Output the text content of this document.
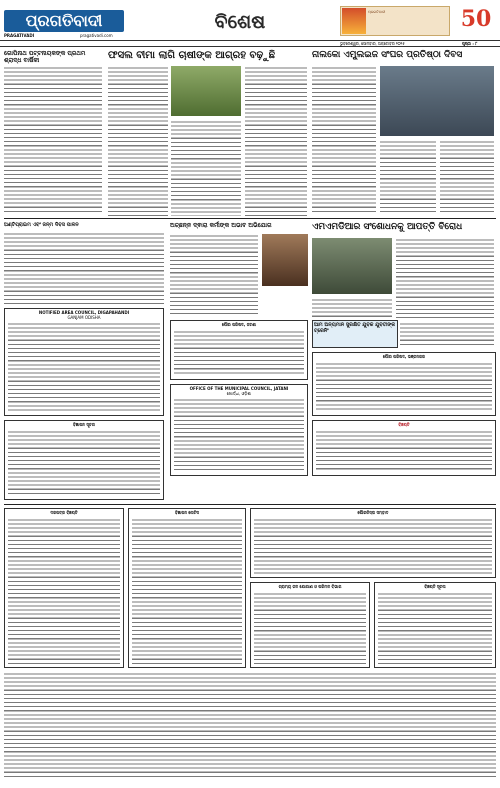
ପ୍ରଗତିବାଦୀ
PRAGATIVADI	pragativadi.com
ବିଶେଷ	ପ୍ରଗତିବାଦୀ	50
ଭୁବନେଶ୍ୱର, ସୋମବାର, ଅକ୍ଟୋବର ୨୦୨୫	ପୃଷ୍ଠା : ୮
ଗୋପିନାଥ ପଟ୍ଟନାୟକଙ୍କ ପ୍ରଥମ ଶ୍ରାଦ୍ଧ ବାର୍ଷିକୀ	ଫସଲ ବୀମା ଲାଗି ଚାଷୀଙ୍କ ଆଗ୍ରହ ବଢ଼ୁଛି	ନାଲକୋ ଏମ୍ପ୍ଲଇଜ ସଂଘର ପ୍ରତିଷ୍ଠା ଦିବସ
ଏମଏମଡିଆର ସଂଶୋଧନକୁ ଆପତ୍ତି ବିରୋଧ
ଅଚ୍ଛନ୍ନ ଦ୍ଵାରା କର୍ମୀଙ୍କ ଅଭାବ ଅଭିଯୋଗ
ଆମ ଅନ୍ୟମାନ ସୁରକ୍ଷିତ ଯୁବକ ଯୁବତୀଙ୍କ ଟ୍ରେନିଂ
ଅଣ୍ଟିପ୍ରାଇମ ଏବଂ ଜନ୍ମ ଦିବସ ପାଳନ
NOTIFIED AREA COUNCIL, DIGAPAHANDI
GANJAM ODISHA
ବିଜ୍ଞାପନ ସୂଚନା
ପୌର ପରିଷଦ, ଜଟଣୀ
OFFICE OF THE MUNICIPAL COUNCIL, JATANI
ଖୋର୍ଦ୍ଧା, ଓଡ଼ିଶା
ପୌର ପରିଷଦ, ଭଞ୍ଜନଗର
ବିଜ୍ଞପ୍ତି
ଦରପତ୍ର ବିଜ୍ଞପ୍ତି	ବିଜ୍ଞାପନ ନୋଟିସ	ପୌରଳିସ୍ତା ସମ୍ବାଦ
ଗ୍ରାମ୍ୟ ଜଳ ଯୋଗାଣ ଓ ପରିମଳ ବିଭାଗ	ବିଜ୍ଞପ୍ତି ସୂଚନା
